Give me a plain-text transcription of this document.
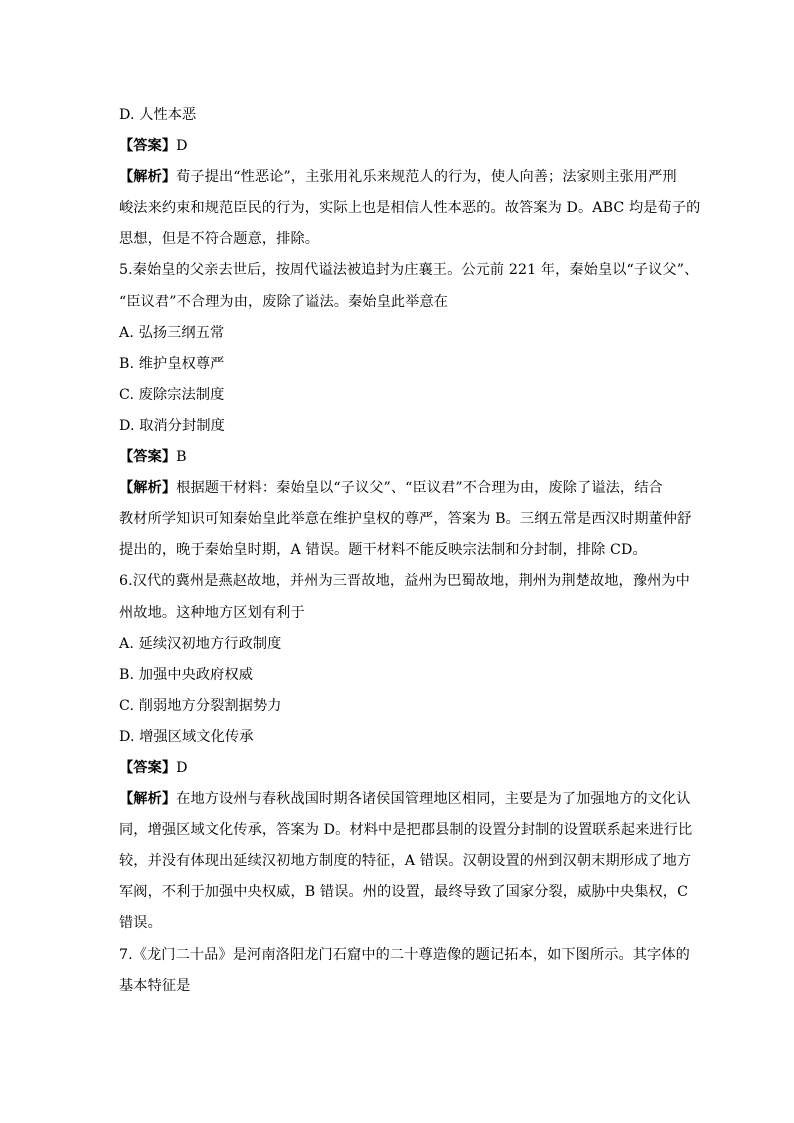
D. 人性本恶
【答案】D
【解析】荀子提出“性恶论”，主张用礼乐来规范人的行为，使人向善；法家则主张用严刑
峻法来约束和规范臣民的行为，实际上也是相信人性本恶的。故答案为 D。ABC 均是荀子的
思想，但是不符合题意，排除。
5.秦始皇的父亲去世后，按周代谥法被追封为庄襄王。公元前 221 年，秦始皇以“子议父”、
“臣议君”不合理为由，废除了谥法。秦始皇此举意在
A. 弘扬三纲五常
B. 维护皇权尊严
C. 废除宗法制度
D. 取消分封制度
【答案】B
【解析】根据题干材料：秦始皇以“子议父”、“臣议君”不合理为由，废除了谥法，结合
教材所学知识可知秦始皇此举意在维护皇权的尊严，答案为 B。三纲五常是西汉时期董仲舒
提出的，晚于秦始皇时期，A 错误。题干材料不能反映宗法制和分封制，排除 CD。
6.汉代的冀州是燕赵故地，并州为三晋故地，益州为巴蜀故地，荆州为荆楚故地，豫州为中
州故地。这种地方区划有利于
A. 延续汉初地方行政制度
B. 加强中央政府权威
C. 削弱地方分裂割据势力
D. 增强区域文化传承
【答案】D
【解析】在地方设州与春秋战国时期各诸侯国管理地区相同，主要是为了加强地方的文化认
同，增强区域文化传承，答案为 D。材料中是把郡县制的设置分封制的设置联系起来进行比
较，并没有体现出延续汉初地方制度的特征，A 错误。汉朝设置的州到汉朝末期形成了地方
军阀，不利于加强中央权威，B 错误。州的设置，最终导致了国家分裂，威胁中央集权，C
错误。
7.《龙门二十品》是河南洛阳龙门石窟中的二十尊造像的题记拓本，如下图所示。其字体的
基本特征是
